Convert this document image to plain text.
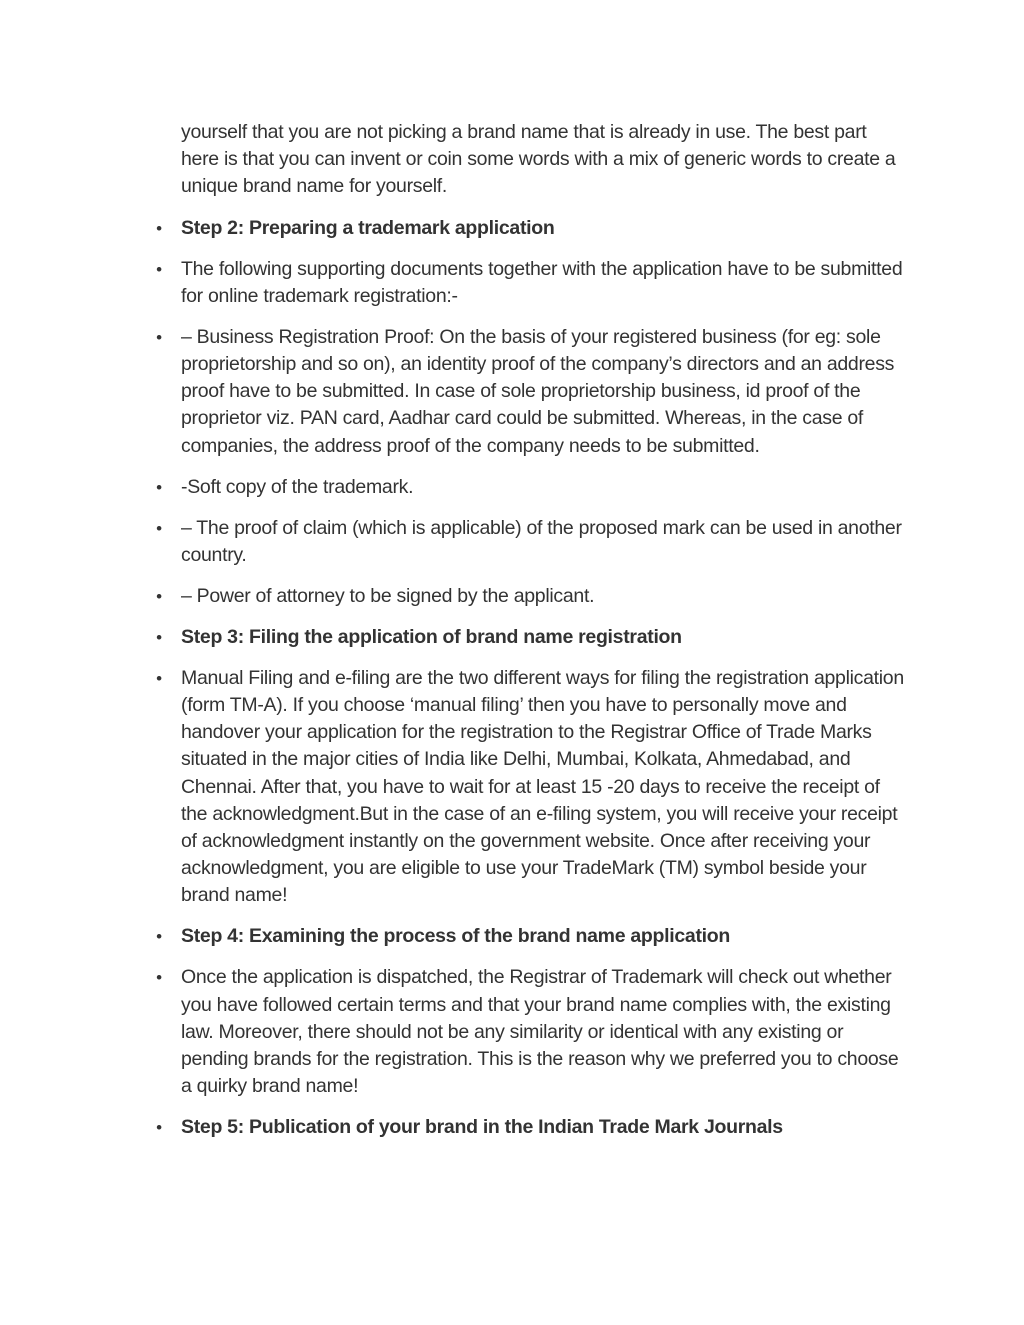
yourself that you are not picking a brand name that is already in use. The best part here is that you can invent or coin some words with a mix of generic words to create a unique brand name for yourself.

• Step 2: Preparing a trademark application
• The following supporting documents together with the application have to be submitted for online trademark registration:-
• – Business Registration Proof: On the basis of your registered business (for eg: sole proprietorship and so on), an identity proof of the company’s directors and an address proof have to be submitted. In case of sole proprietorship business, id proof of the proprietor viz. PAN card, Aadhar card could be submitted. Whereas, in the case of companies, the address proof of the company needs to be submitted.
• -Soft copy of the trademark.
• – The proof of claim (which is applicable) of the proposed mark can be used in another country.
• – Power of attorney to be signed by the applicant.
• Step 3: Filing the application of brand name registration
• Manual Filing and e-filing are the two different ways for filing the registration application (form TM-A). If you choose ‘manual filing’ then you have to personally move and handover your application for the registration to the Registrar Office of Trade Marks situated in the major cities of India like Delhi, Mumbai, Kolkata, Ahmedabad, and Chennai. After that, you have to wait for at least 15 -20 days to receive the receipt of the acknowledgment.But in the case of an e-filing system, you will receive your receipt of acknowledgment instantly on the government website. Once after receiving your acknowledgment, you are eligible to use your TradeMark (TM) symbol beside your brand name!
• Step 4: Examining the process of the brand name application
• Once the application is dispatched, the Registrar of Trademark will check out whether you have followed certain terms and that your brand name complies with, the existing law. Moreover, there should not be any similarity or identical with any existing or pending brands for the registration. This is the reason why we preferred you to choose a quirky brand name!
• Step 5: Publication of your brand in the Indian Trade Mark Journals
